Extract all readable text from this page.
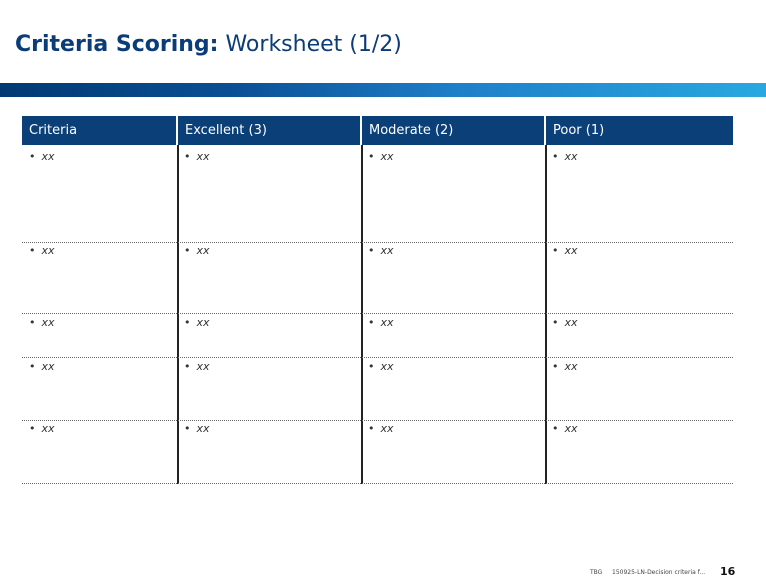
Criteria Scoring: Worksheet (1/2)
Criteria	Excellent (3)	Moderate (2)	Poor (1)
• xx	• xx	• xx	• xx
• xx	• xx	• xx	• xx
• xx	• xx	• xx	• xx
• xx	• xx	• xx	• xx
• xx	• xx	• xx	• xx
TBG 150925-LN-Decision criteria f... 16
